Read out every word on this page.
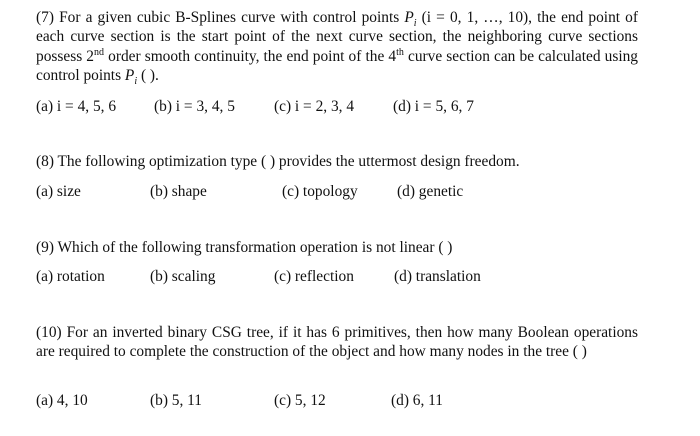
(7) For a given cubic B-Splines curve with control points $P_i$ (i = 0, 1, …, 10), the end point of each curve section is the start point of the next curve section, the neighboring curve sections possess 2nd order smooth continuity, the end point of the 4th curve section can be calculated using control points $P_i$ ( ).
(a) i = 4, 5, 6 (b) i = 3, 4, 5	(c) i = 2, 3, 4	(d) i = 5, 6, 7
(8) The following optimization type ( ) provides the uttermost design freedom.
(a) size	(b) shape	(c) topology	(d) genetic
(9) Which of the following transformation operation is not linear ( )
(a) rotation	(b) scaling	(c) reflection	(d) translation
(10) For an inverted binary CSG tree, if it has 6 primitives, then how many Boolean operations are required to complete the construction of the object and how many nodes in the tree ( )
(a) 4, 10	(b) 5, 11	(c) 5, 12	(d) 6, 11
